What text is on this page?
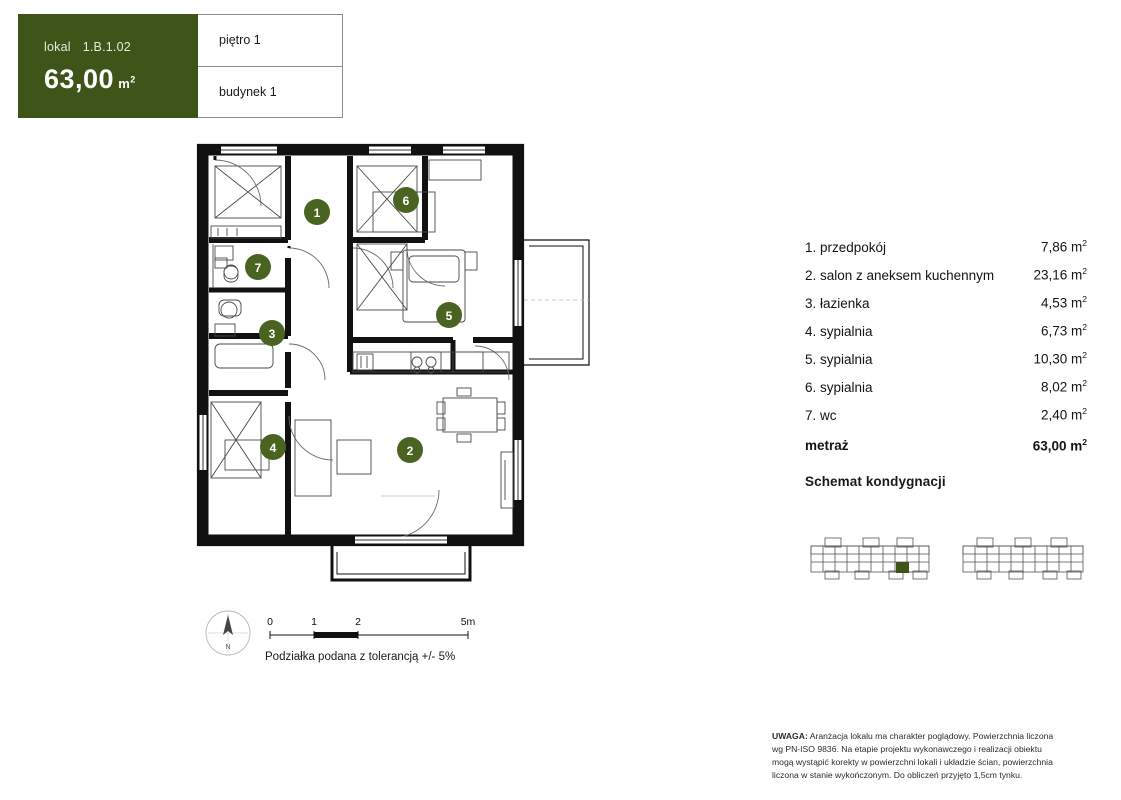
lokal 1.B.1.02
63,00 $m^2$
piętro 1
budynek 1
1
2
3
4
5
6
7
N
0	1	2	5m
Podziałka podana z tolerancją +/- 5%
1. przedpokój	7,86 $m^2$
2. salon z aneksem kuchennym	23,16 $m^2$
3. łazienka	4,53 $m^2$
4. sypialnia	6,73 $m^2$
5. sypialnia	10,30 $m^2$
6. sypialnia	8,02 $m^2$
7. wc	2,40 $m^2$
metraż	63,00 $m^2$
Schemat kondygnacji
UWAGA: Aranżacja lokalu ma charakter poglądowy. Powierzchnia liczona
wg PN-ISO 9836. Na etapie projektu wykonawczego i realizacji obiektu
mogą wystąpić korekty w powierzchni lokali i układzie ścian, powierzchnia
liczona w stanie wykończonym. Do obliczeń przyjęto 1,5cm tynku.
